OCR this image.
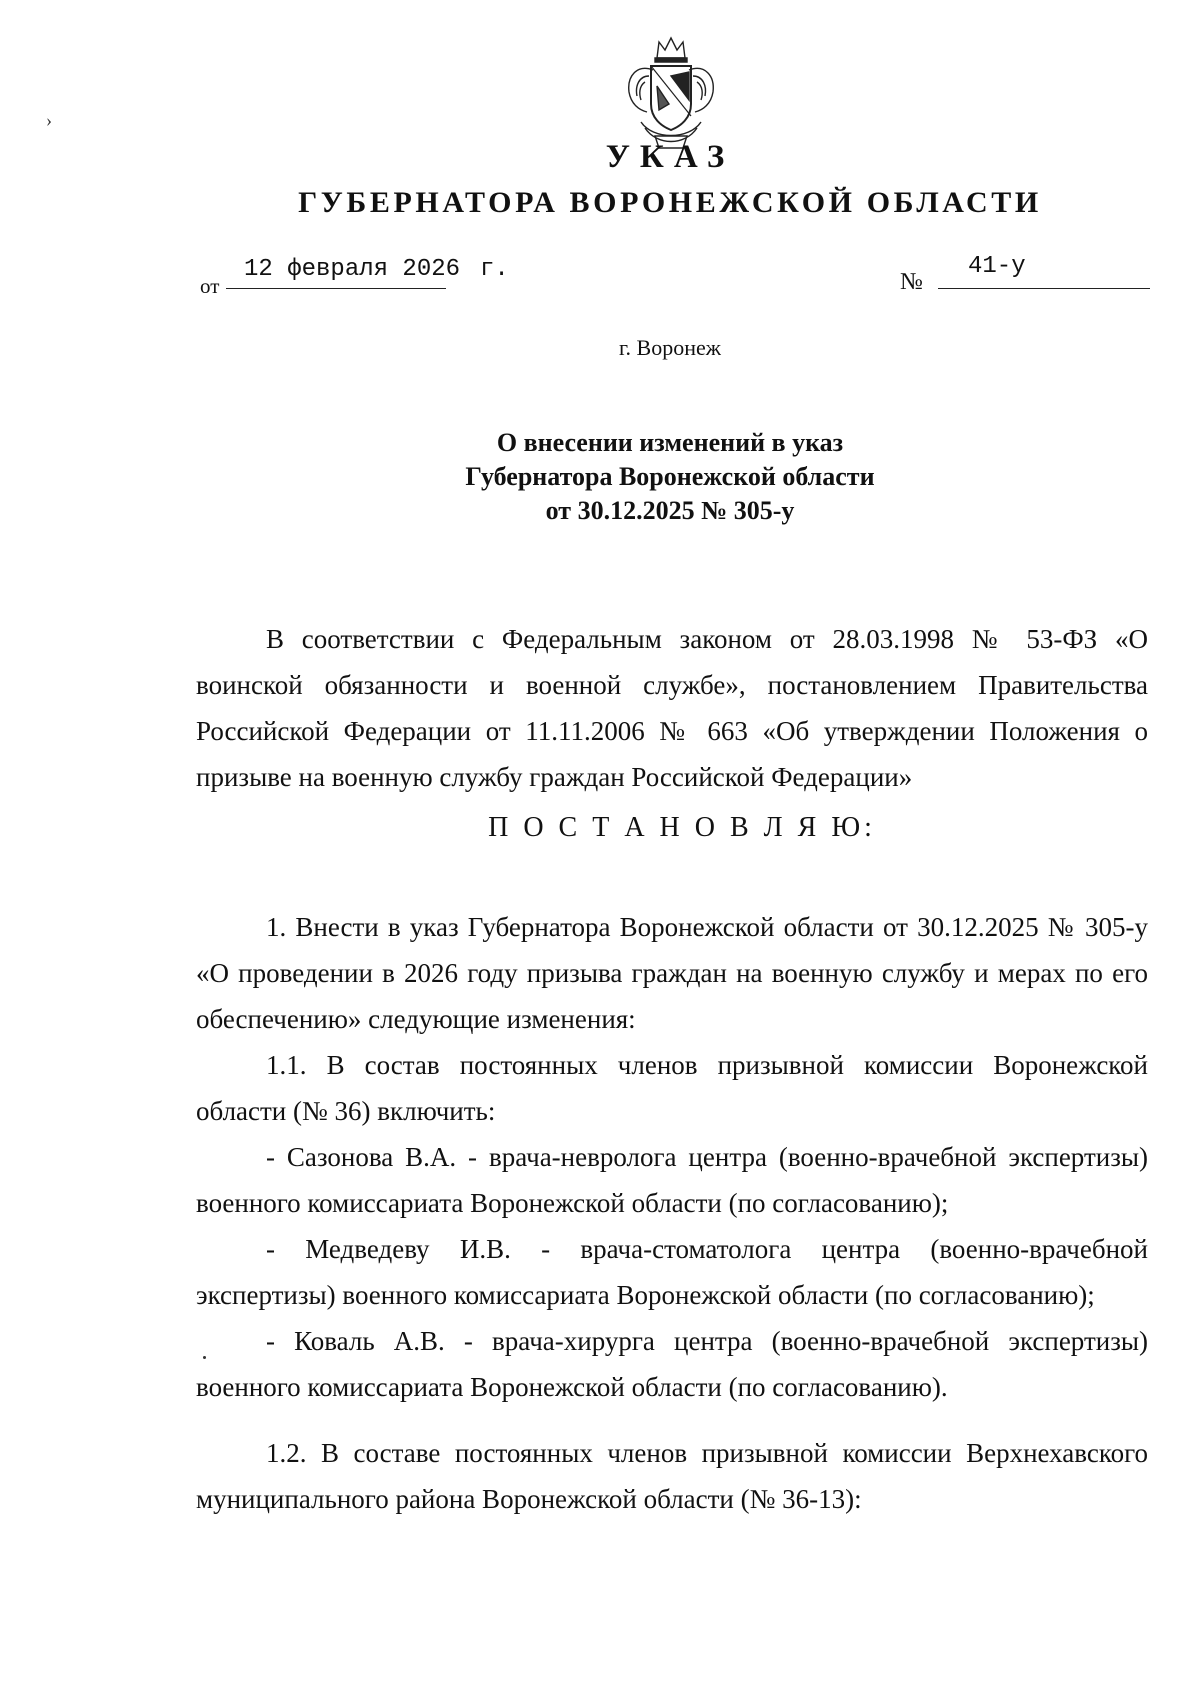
›
УКАЗ
ГУБЕРНАТОРА ВОРОНЕЖСКОЙ ОБЛАСТИ
от
12 февраля 2026 г.	№
41-у
г. Воронеж
О внесении изменений в указ
Губернатора Воронежской области
от 30.12.2025 № 305-у

В соответствии с Федеральным законом от 28.03.1998 № 53-ФЗ «О воинской обязанности и военной службе», постановлением Правительства Российской Федерации от 11.11.2006 № 663 «Об утверждении Положения о призыве на военную службу граждан Российской Федерации»

П О С Т А Н О В Л Я Ю:

1. Внести в указ Губернатора Воронежской области от 30.12.2025 № 305-у «О проведении в 2026 году призыва граждан на военную службу и мерах по его обеспечению» следующие изменения:

1.1. В состав постоянных членов призывной комиссии Воронежской области (№ 36) включить:

- Сазонова В.А. - врача-невролога центра (военно-врачебной экспертизы) военного комиссариата Воронежской области (по согласованию);

- Медведеву И.В. - врача-стоматолога центра (военно-врачебной экспертизы) военного комиссариата Воронежской области (по согласованию);

- Коваль А.В. - врача-хирурга центра (военно-врачебной экспертизы) военного комиссариата Воронежской области (по согласованию).

1.2. В составе постоянных членов призывной комиссии Верхнехавского муниципального района Воронежской области (№ 36-13):
